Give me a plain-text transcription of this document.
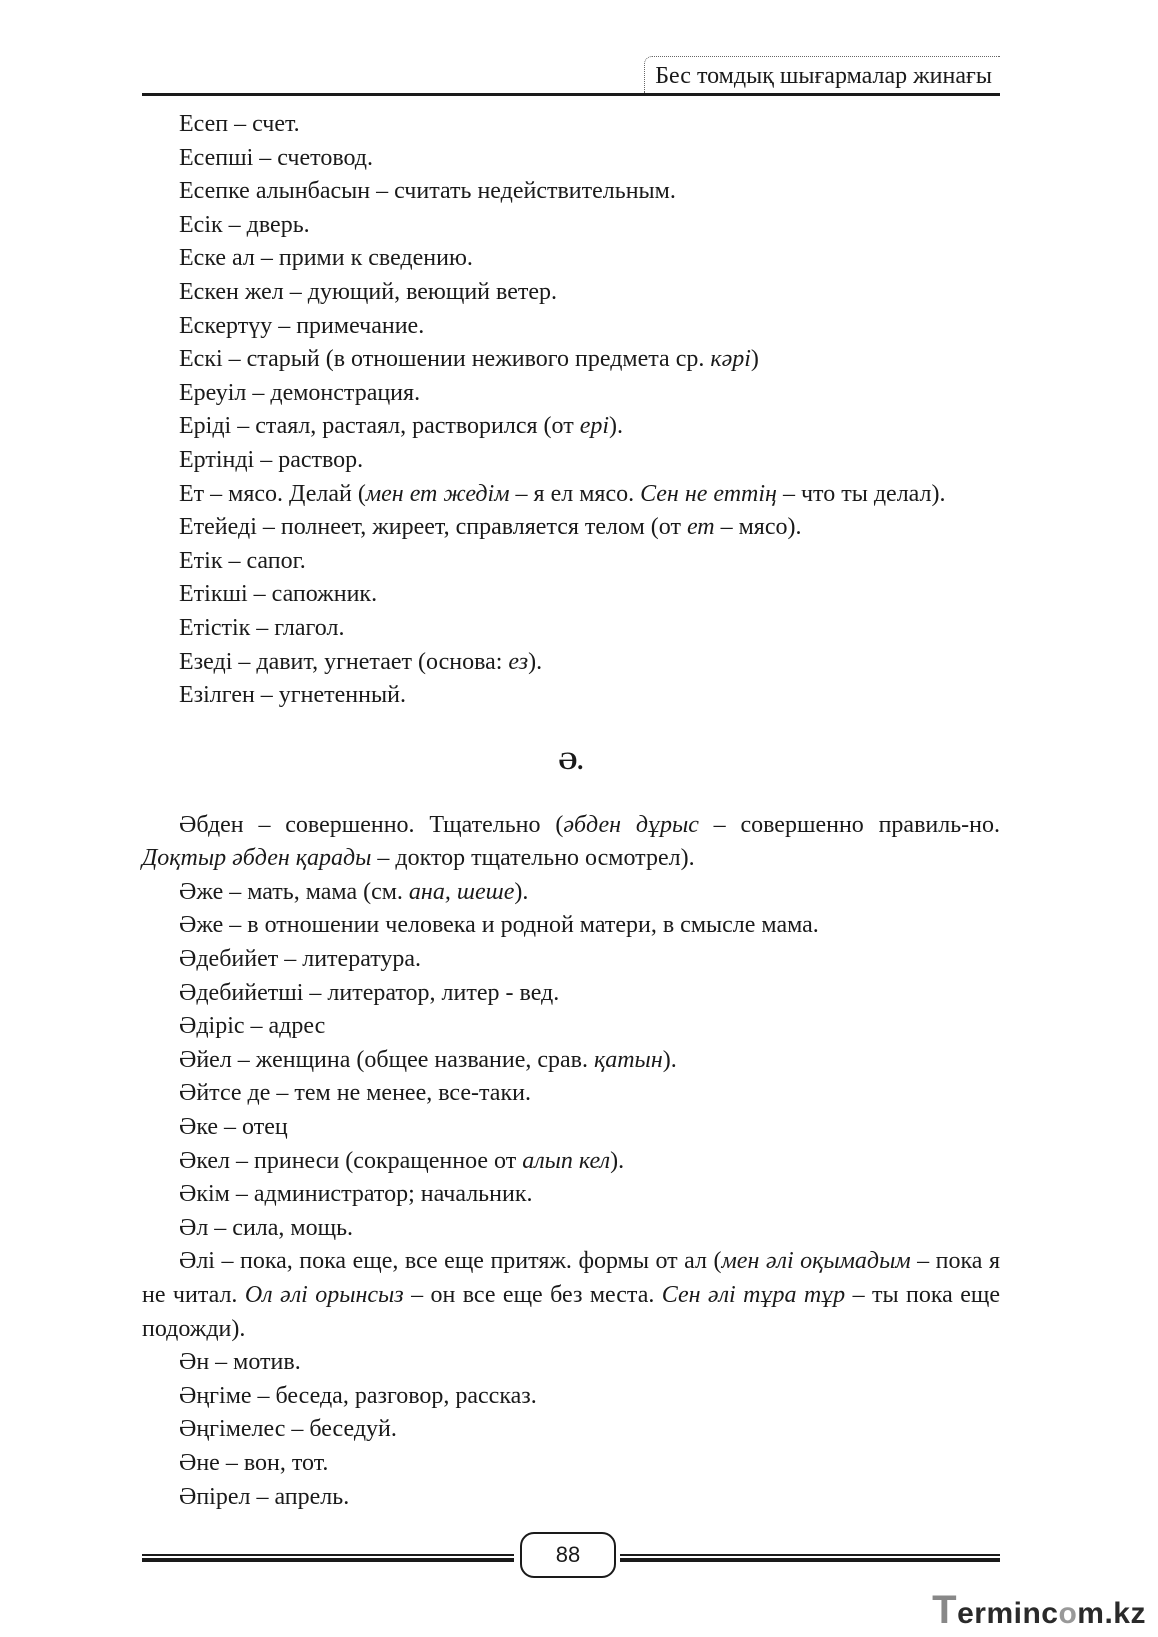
Бес томдық шығармалар жинағы

Есеп – счет.

Есепші – счетовод.

Есепке алынбасын – считать недействительным.

Есік – дверь.

Еске ал – прими к сведению.

Ескен жел – дующий, веющий ветер.

Ескертүу – примечание.

Ескі – старый (в отношении неживого предмета ср. кәрі)

Ереуіл – демонстрация.

Ерідi – стаял, растаял, растворился (от ері).

Ертінді – раствор.

Ет – мясо. Делай (мен ет жедім – я ел мясо. Сен не еттің – что ты делал).

Етейеді – полнеет, жиреет, справляется телом (от ет – мясо).

Етік – сапог.

Етікші – сапожник.

Етістік – глагол.

Езеді – давит, угнетает (основа: ез).

Езілген – угнетенный.

Ә.

Әбден – совершенно. Тщательно (әбден дұрыс – совершенно правиль-но. Доқтыр әбден қарады – доктор тщательно осмотрел).

Әже – мать, мама (см. ана, шеше).

Әже – в отношении человека и родной матери, в смысле мама.

Әдебийет – литература.

Әдебийетші – литератор, литер - вед.

Әдіріс – адрес

Әйел – женщина (общее название, срав. қатын).

Әйтсе де – тем не менее, все-таки.

Әке – отец

Әкел – принеси (сокращенное от алып кел).

Әкім – администратор; начальник.

Әл – сила, мощь.

Әлі – пока, пока еще, все еще притяж. формы от ал (мен әлі оқымадым – пока я не читал. Ол әлі орынсыз – он все еще без места. Сен әлі тұра тұр – ты пока еще подожди).

Ән – мотив.

Әңгіме – беседа, разговор, рассказ.

Әңгімелес – беседуй.

Әне – вон, тот.

Әпірел – апрель.

88
Termincom.kz
